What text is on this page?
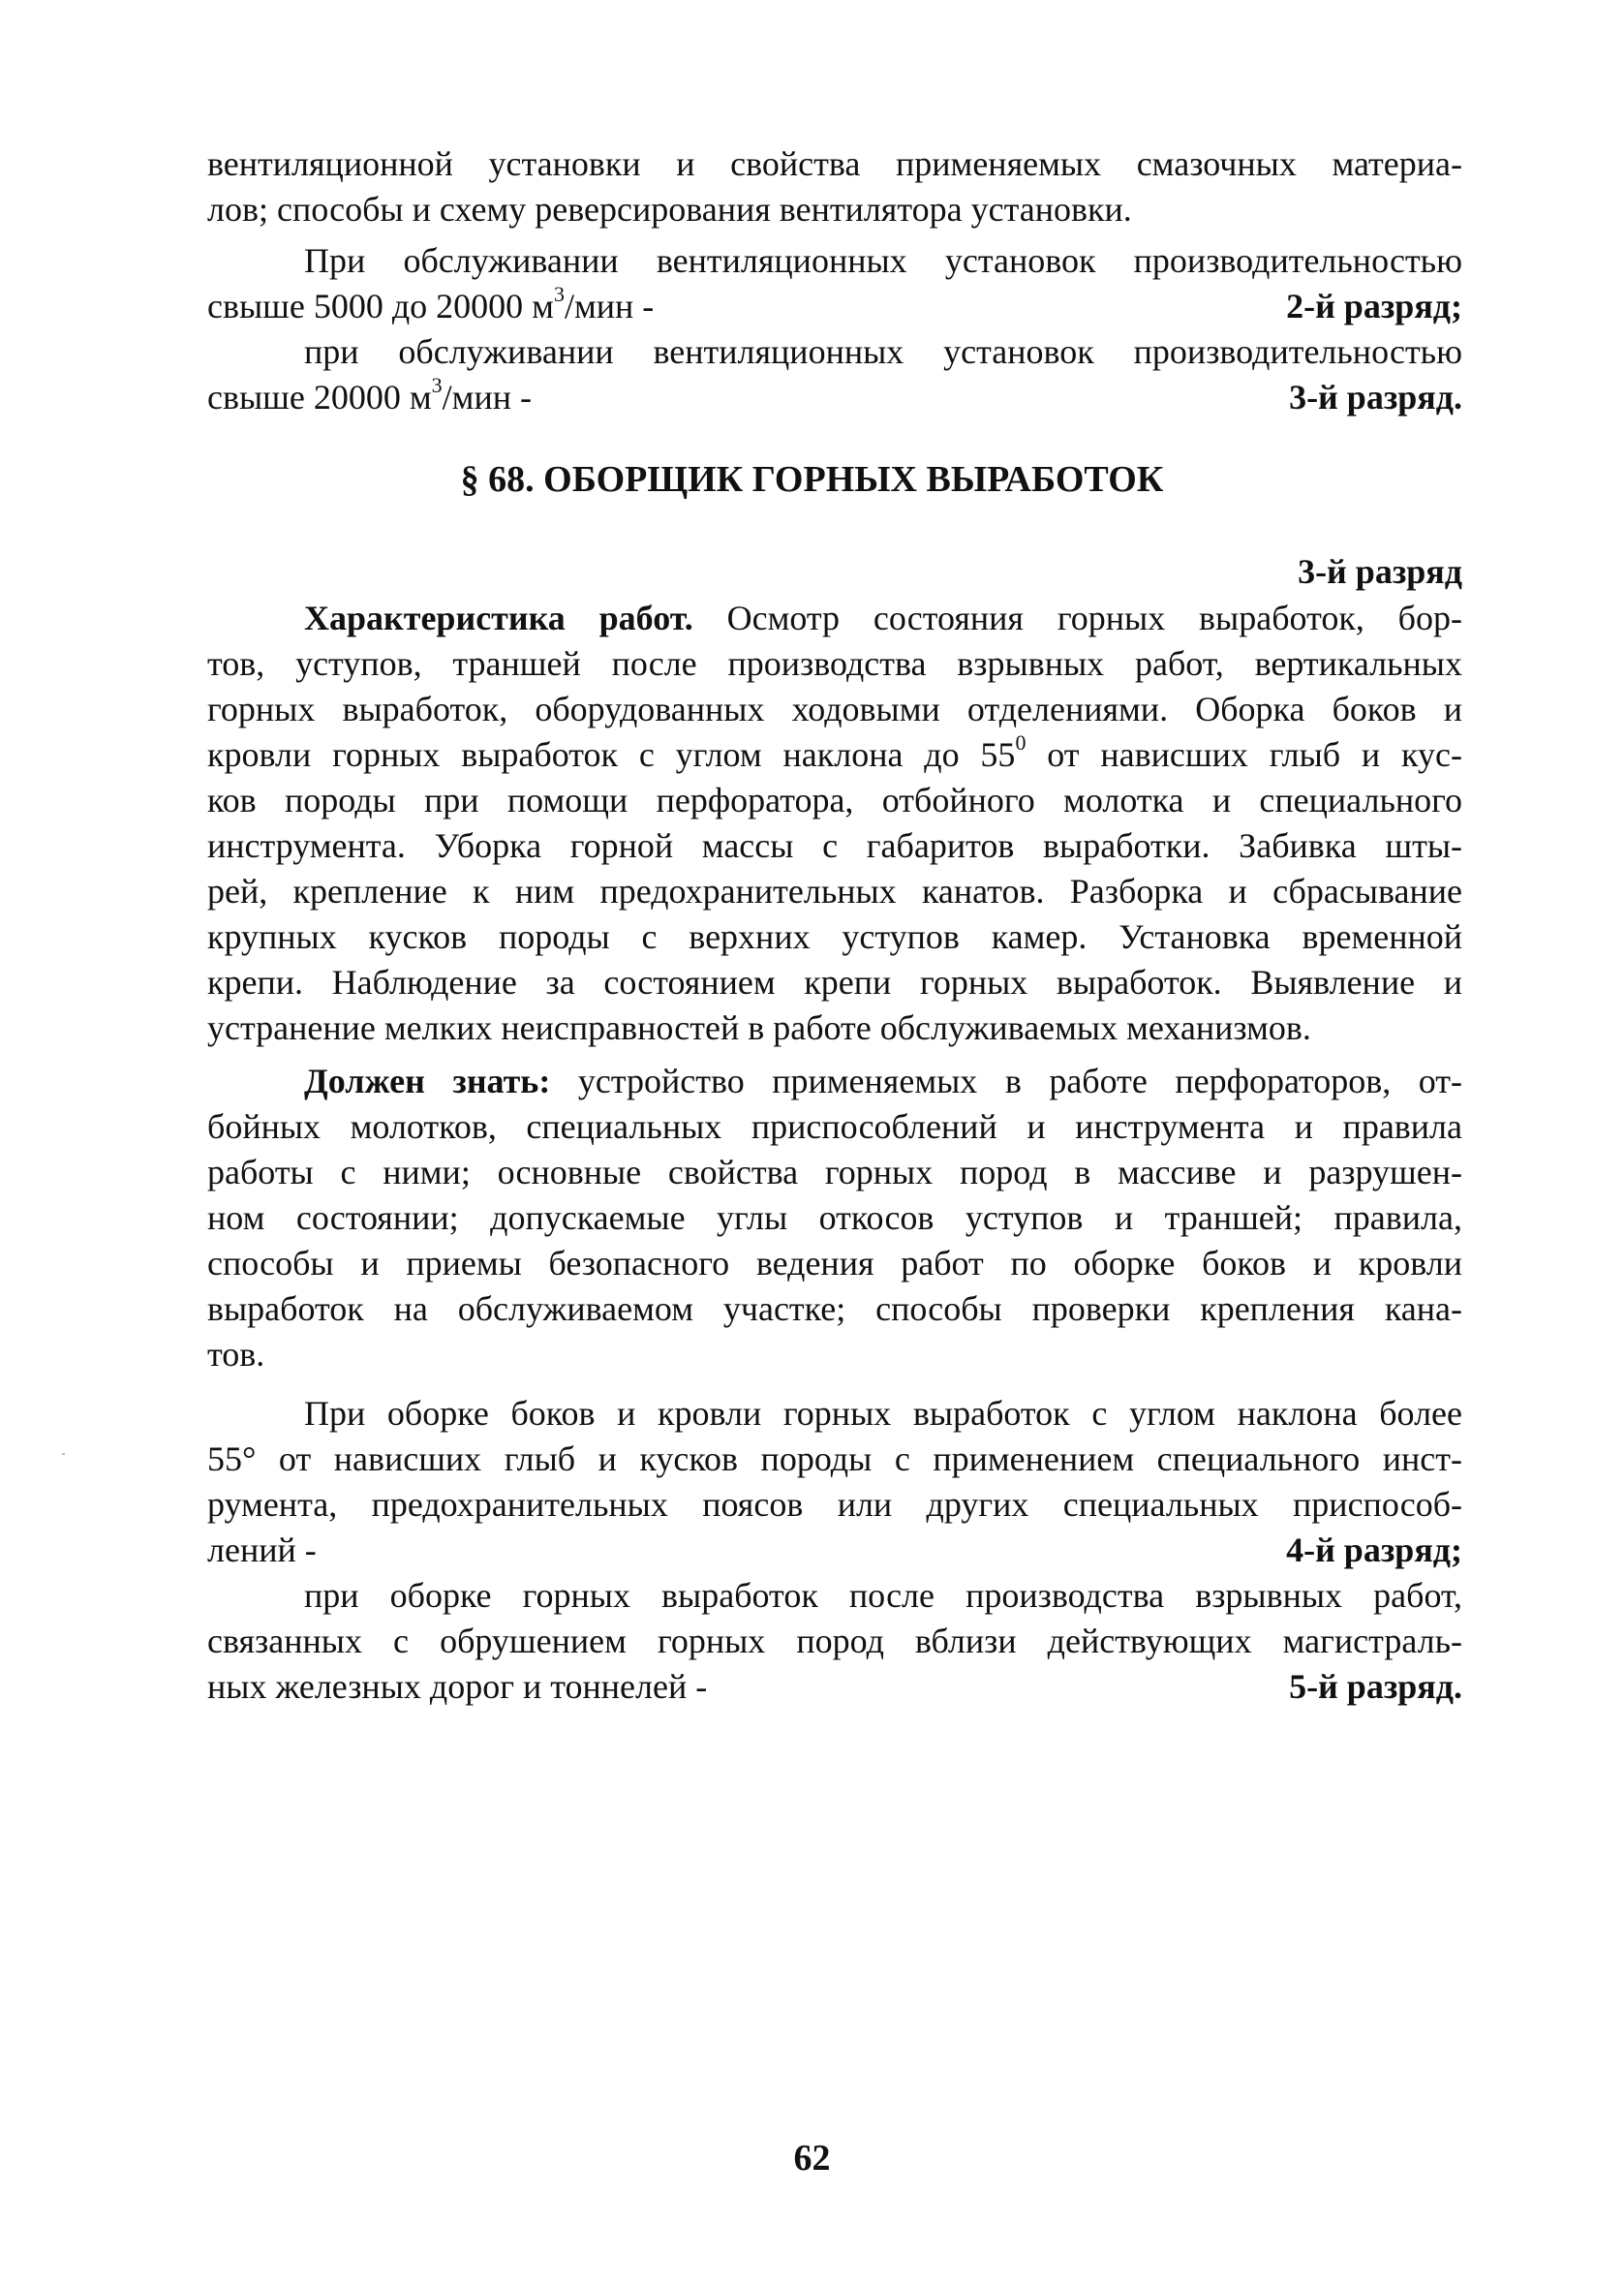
вентиляционной установки и свойства применяемых смазочных материа-
лов; способы и схему реверсирования вентилятора установки.
При обслуживании вентиляционных установок производительностью
свыше 5000 до 20000 $м^3$/мин -	2-й разряд;
при обслуживании вентиляционных установок производительностью
свыше 20000 $м^3$/мин -	3-й разряд.
§ 68. ОБОРЩИК ГОРНЫХ ВЫРАБОТОК
3-й разряд
Характеристика работ. Осмотр состояния горных выработок, бор-
тов, уступов, траншей после производства взрывных работ, вертикальных
горных выработок, оборудованных ходовыми отделениями. Оборка боков и
кровли горных выработок с углом наклона до $55^0$ от нависших глыб и кус-
ков породы при помощи перфоратора, отбойного молотка и специального
инструмента. Уборка горной массы с габаритов выработки. Забивка шты-
рей, крепление к ним предохранительных канатов. Разборка и сбрасывание
крупных кусков породы с верхних уступов камер. Установка временной
крепи. Наблюдение за состоянием крепи горных выработок. Выявление и
устранение мелких неисправностей в работе обслуживаемых механизмов.
Должен знать: устройство применяемых в работе перфораторов, от-
бойных молотков, специальных приспособлений и инструмента и правила
работы с ними; основные свойства горных пород в массиве и разрушен-
ном состоянии; допускаемые углы откосов уступов и траншей; правила,
способы и приемы безопасного ведения работ по оборке боков и кровли
выработок на обслуживаемом участке; способы проверки крепления кана-
тов.
При оборке боков и кровли горных выработок с углом наклона более
55° от нависших глыб и кусков породы с применением специального инст-
румента, предохранительных поясов или других специальных приспособ-
лений -	4-й разряд;
при оборке горных выработок после производства взрывных работ,
связанных с обрушением горных пород вблизи действующих магистраль-
ных железных дорог и тоннелей -	5-й разряд.
62
